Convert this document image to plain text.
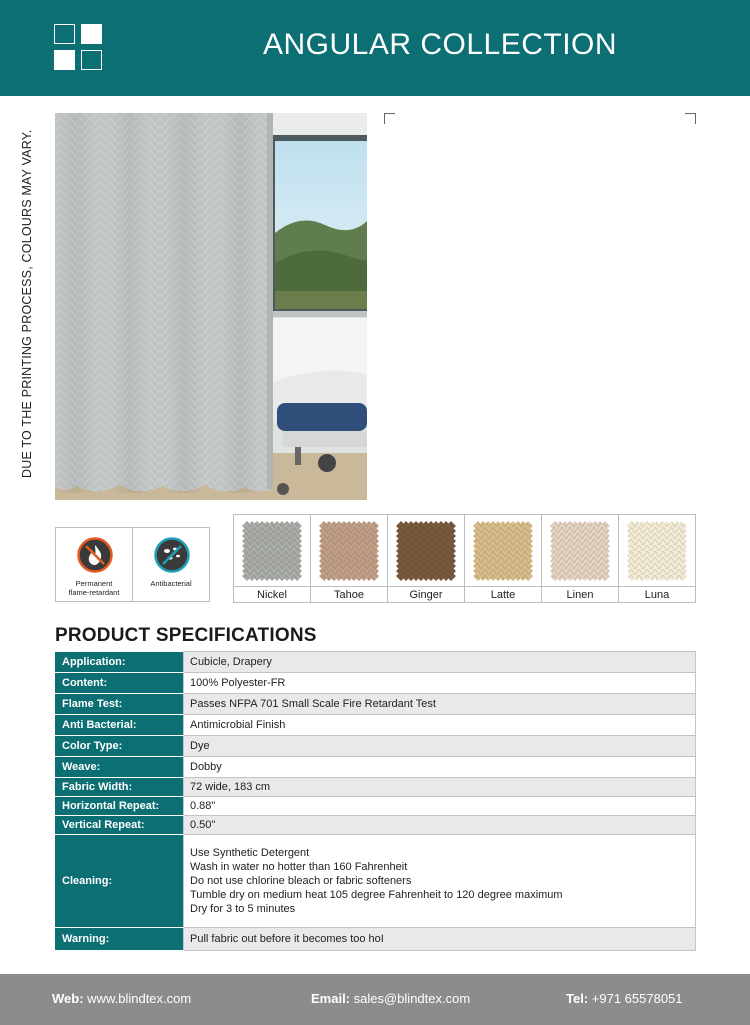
ANGULAR COLLECTION
DUE TO THE PRINTING PROCESS, COLOURS MAY VARY.
Permanent
flame-retardant
Antibacterial
Nickel	Tahoe	Ginger	Latte	Linen	Luna
PRODUCT SPECIFICATIONS
Application:	Cubicle, Drapery

Content:	100% Polyester-FR

Flame Test:	Passes NFPA 701 Small Scale Fire Retardant Test

Anti Bacterial:	Antimicrobial Finish

Color Type:	Dye

Weave:	Dobby

Fabric Width:	72 wide, 183 cm

Horizontal Repeat:	0.88"

Vertical Repeat:	0.50"

Cleaning:	Use Synthetic Detergent
Wash in water no hotter than 160 Fahrenheit
Do not use chlorine bleach or fabric softeners
Tumble dry on medium heat 105 degree Fahrenheit to 120 degree maximum
Dry for 3 to 5 minutes

Warning:	Pull fabric out before it becomes too hoI
Web: www.blindtex.com	Email: sales@blindtex.com	Tel: +971 65578051
